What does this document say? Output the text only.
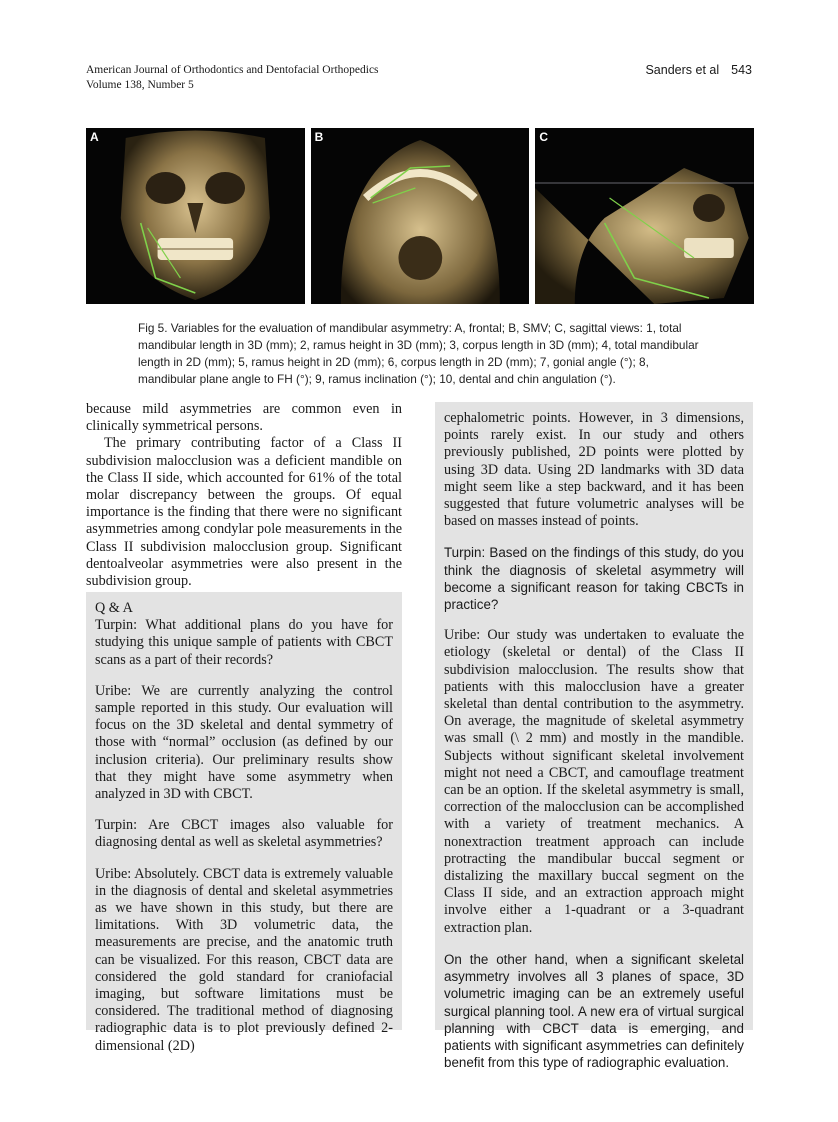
American Journal of Orthodontics and Dentofacial Orthopedics
Volume 138, Number 5
Sanders et al 543
A	B	C
Fig 5. Variables for the evaluation of mandibular asymmetry: A, frontal; B, SMV; C, sagittal views: 1, total mandibular length in 3D (mm); 2, ramus height in 3D (mm); 3, corpus length in 3D (mm); 4, total mandibular length in 2D (mm); 5, ramus height in 2D (mm); 6, corpus length in 2D (mm); 7, gonial angle (°); 8, mandibular plane angle to FH (°); 9, ramus inclination (°); 10, dental and chin angulation (°).

because mild asymmetries are common even in clinically symmetrical persons.

The primary contributing factor of a Class II subdivision malocclusion was a deficient mandible on the Class II side, which accounted for 61% of the total molar discrepancy between the groups. Of equal importance is the finding that there were no significant asymmetries among condylar pole measurements in the Class II subdivision malocclusion group. Significant dentoalveolar asymmetries were also present in the subdivision group.

Q & A

Turpin: What additional plans do you have for studying this unique sample of patients with CBCT scans as a part of their records?

Uribe: We are currently analyzing the control sample reported in this study. Our evaluation will focus on the 3D skeletal and dental symmetry of those with “normal” occlusion (as defined by our inclusion criteria). Our preliminary results show that they might have some asymmetry when analyzed in 3D with CBCT.

Turpin: Are CBCT images also valuable for diagnosing dental as well as skeletal asymmetries?

Uribe: Absolutely. CBCT data is extremely valuable in the diagnosis of dental and skeletal asymmetries as we have shown in this study, but there are limitations. With 3D volumetric data, the measurements are precise, and the anatomic truth can be visualized. For this reason, CBCT data are considered the gold standard for craniofacial imaging, but software limitations must be considered. The traditional method of diagnosing radiographic data is to plot previously defined 2-dimensional (2D)

cephalometric points. However, in 3 dimensions, points rarely exist. In our study and others previously published, 2D points were plotted by using 3D data. Using 2D landmarks with 3D data might seem like a step backward, and it has been suggested that future volumetric analyses will be based on masses instead of points.

Turpin: Based on the findings of this study, do you think the diagnosis of skeletal asymmetry will become a significant reason for taking CBCTs in practice?

Uribe: Our study was undertaken to evaluate the etiology (skeletal or dental) of the Class II subdivision malocclusion. The results show that patients with this malocclusion have a greater skeletal than dental contribution to the asymmetry. On average, the magnitude of skeletal asymmetry was small (\ 2 mm) and mostly in the mandible. Subjects without significant skeletal involvement might not need a CBCT, and camouflage treatment can be an option. If the skeletal asymmetry is small, correction of the malocclusion can be accomplished with a variety of treatment mechanics. A nonextraction treatment approach can include protracting the mandibular buccal segment or distalizing the maxillary buccal segment on the Class II side, and an extraction approach might involve either a 1-quadrant or a 3-quadrant extraction plan.

On the other hand, when a significant skeletal asymmetry involves all 3 planes of space, 3D volumetric imaging can be an extremely useful surgical planning tool. A new era of virtual surgical planning with CBCT data is emerging, and patients with significant asymmetries can definitely benefit from this type of radiographic evaluation.
